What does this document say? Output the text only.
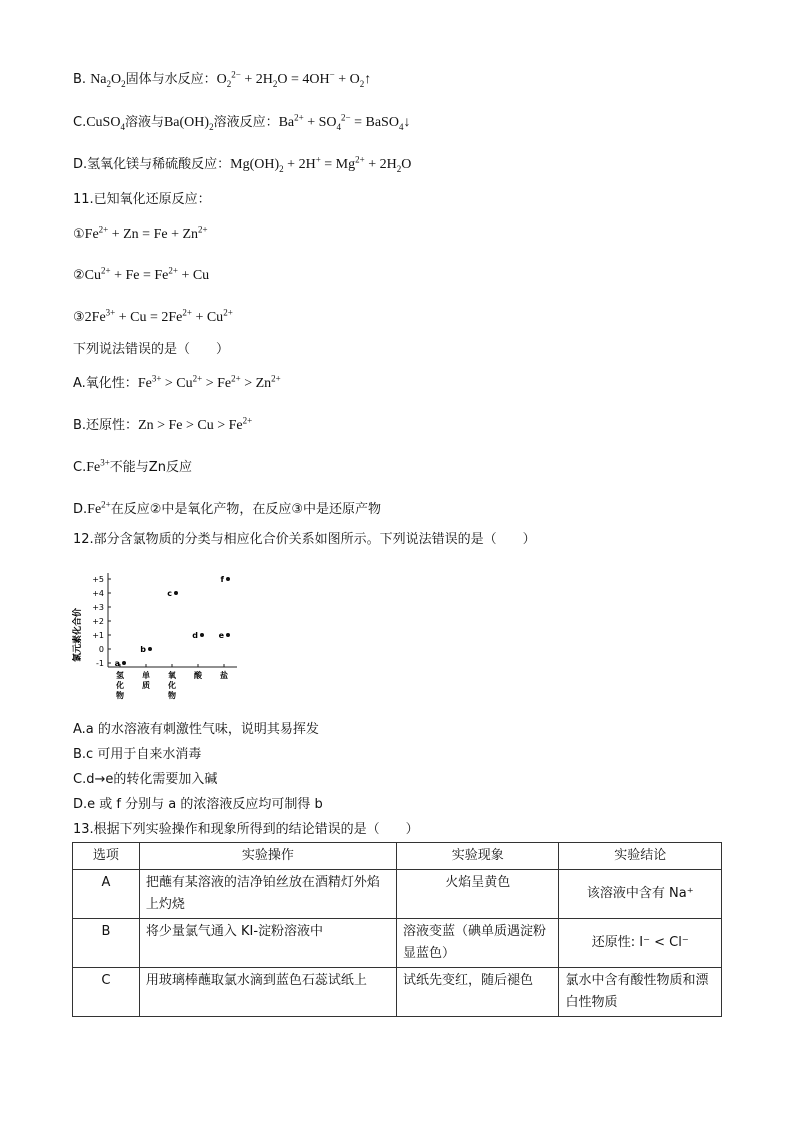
B. $Na_2O_2$固体与水反应：$O_2^{2-} + 2H_2O = 4OH^-$ + $O_2↑$
C.CuSO$_4$溶液与$Ba(OH)_2$溶液反应：$Ba^{2+} + SO_4^{2-}$ = BaSO$_4$↓
D.氢氧化镁与稀硫酸反应：$Mg(OH)_2 + 2H^+ = Mg^{2+} + 2H_2O$
11.已知氧化还原反应：
$①Fe^{2+} + Zn = Fe + Zn^{2+}$
$②Cu^{2+} + Fe = Fe^{2+} + Cu$
$③2Fe^{3+} + Cu = 2Fe^{2+} + Cu^{2+}$
下列说法错误的是（　　）
A.氧化性：$Fe^{3+} > Cu^{2+} > Fe^{2+} > Zn^{2+}$
B.还原性：$Zn > Fe > Cu > Fe^{2+}$
$C.Fe^{3+}$不能与Zn反应
$D.Fe^{2+}$在反应②中是氧化产物，在反应③中是还原产物
12.部分含氯物质的分类与相应化合价关系如图所示。下列说法错误的是（　　）
氯元素化合价
+5
+4
+3
+2
+1
0
-1
氢
化
物
单
质
氧
化
物
酸 盐
a
b
c
d	e
f
A.a 的水溶液有刺激性气味，说明其易挥发
B.c 可用于自来水消毒
C.d→e的转化需要加入碱
D.e 或 f 分别与 a 的浓溶液反应均可制得 b
13.根据下列实验操作和现象所得到的结论错误的是（　　）
选项	实验操作	实验现象	实验结论
A	把蘸有某溶液的洁净铂丝放在酒精灯外焰上灼烧	火焰呈黄色	该溶液中含有 Na⁺
B	将少量氯气通入 KI-淀粉溶液中	溶液变蓝（碘单质遇淀粉显蓝色）	还原性: I⁻ < Cl⁻
C	用玻璃棒蘸取氯水滴到蓝色石蕊试纸上	试纸先变红，随后褪色	氯水中含有酸性物质和漂白性物质
